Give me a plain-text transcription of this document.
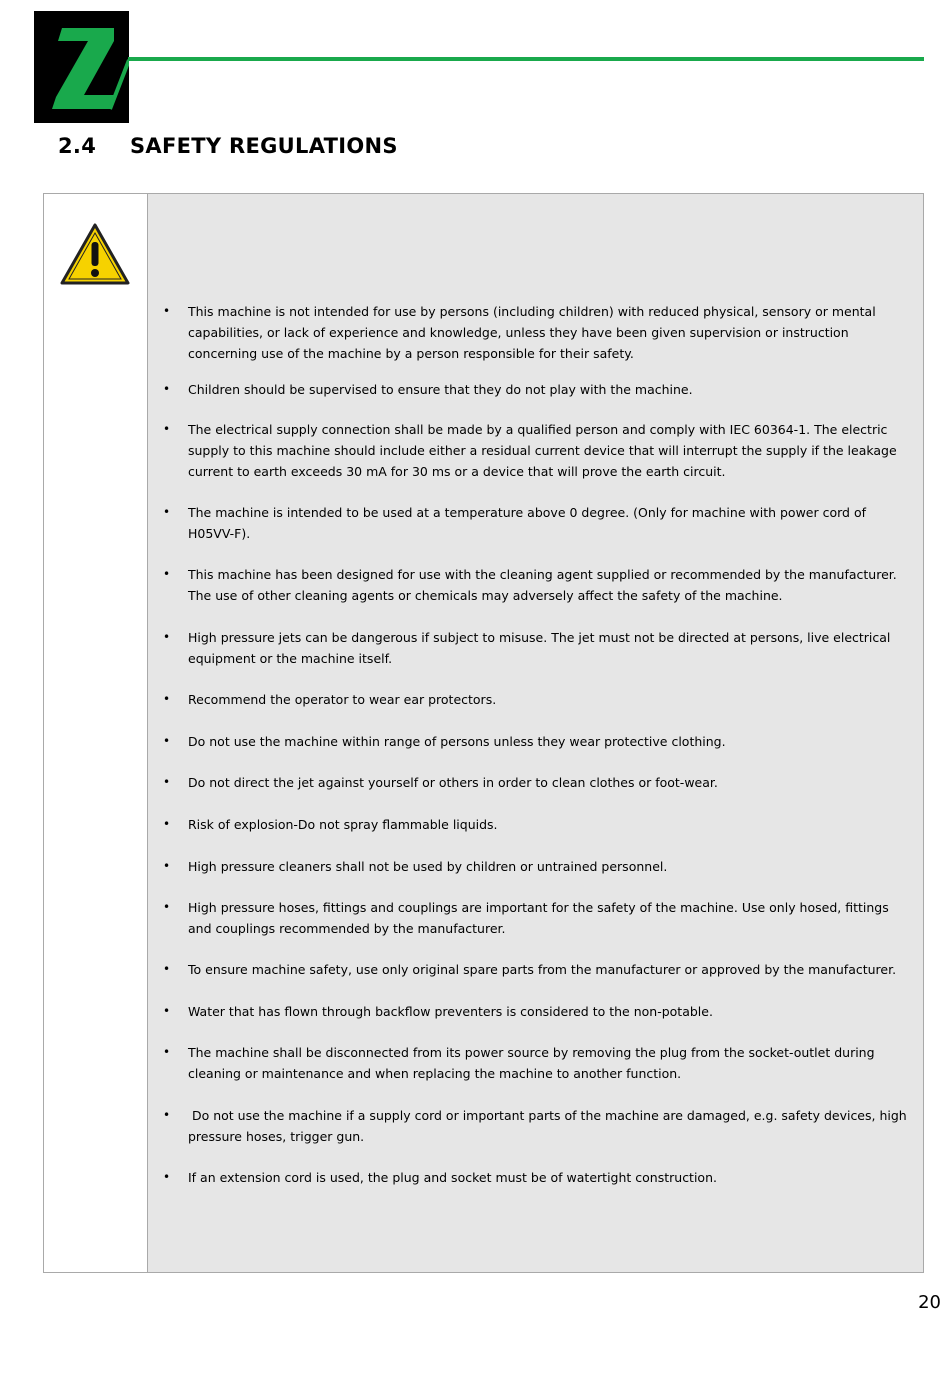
2.4 SAFETY REGULATIONS
• This machine is not intended for use by persons (including children) with reduced physical, sensory or mental capabilities, or lack of experience and knowledge, unless they have been given supervision or instruction concerning use of the machine by a person responsible for their safety.
• Children should be supervised to ensure that they do not play with the machine.
• The electrical supply connection shall be made by a qualified person and comply with IEC 60364-1. The electric supply to this machine should include either a residual current device that will interrupt the supply if the leakage current to earth exceeds 30 mA for 30 ms or a device that will prove the earth circuit.
• The machine is intended to be used at a temperature above 0 degree. (Only for machine with power cord of H05VV-F).
• This machine has been designed for use with the cleaning agent supplied or recommended by the manufacturer. The use of other cleaning agents or chemicals may adversely affect the safety of the machine.
• High pressure jets can be dangerous if subject to misuse. The jet must not be directed at persons, live electrical equipment or the machine itself.
• Recommend the operator to wear ear protectors.
• Do not use the machine within range of persons unless they wear protective clothing.
• Do not direct the jet against yourself or others in order to clean clothes or foot-wear.
• Risk of explosion-Do not spray flammable liquids.
• High pressure cleaners shall not be used by children or untrained personnel.
• High pressure hoses, fittings and couplings are important for the safety of the machine. Use only hosed, fittings and couplings recommended by the manufacturer.
• To ensure machine safety, use only original spare parts from the manufacturer or approved by the manufacturer.
• Water that has flown through backflow preventers is considered to the non-potable.
• The machine shall be disconnected from its power source by removing the plug from the socket-outlet during cleaning or maintenance and when replacing the machine to another function.
• Do not use the machine if a supply cord or important parts of the machine are damaged, e.g. safety devices, high pressure hoses, trigger gun.
• If an extension cord is used, the plug and socket must be of watertight construction.
20
